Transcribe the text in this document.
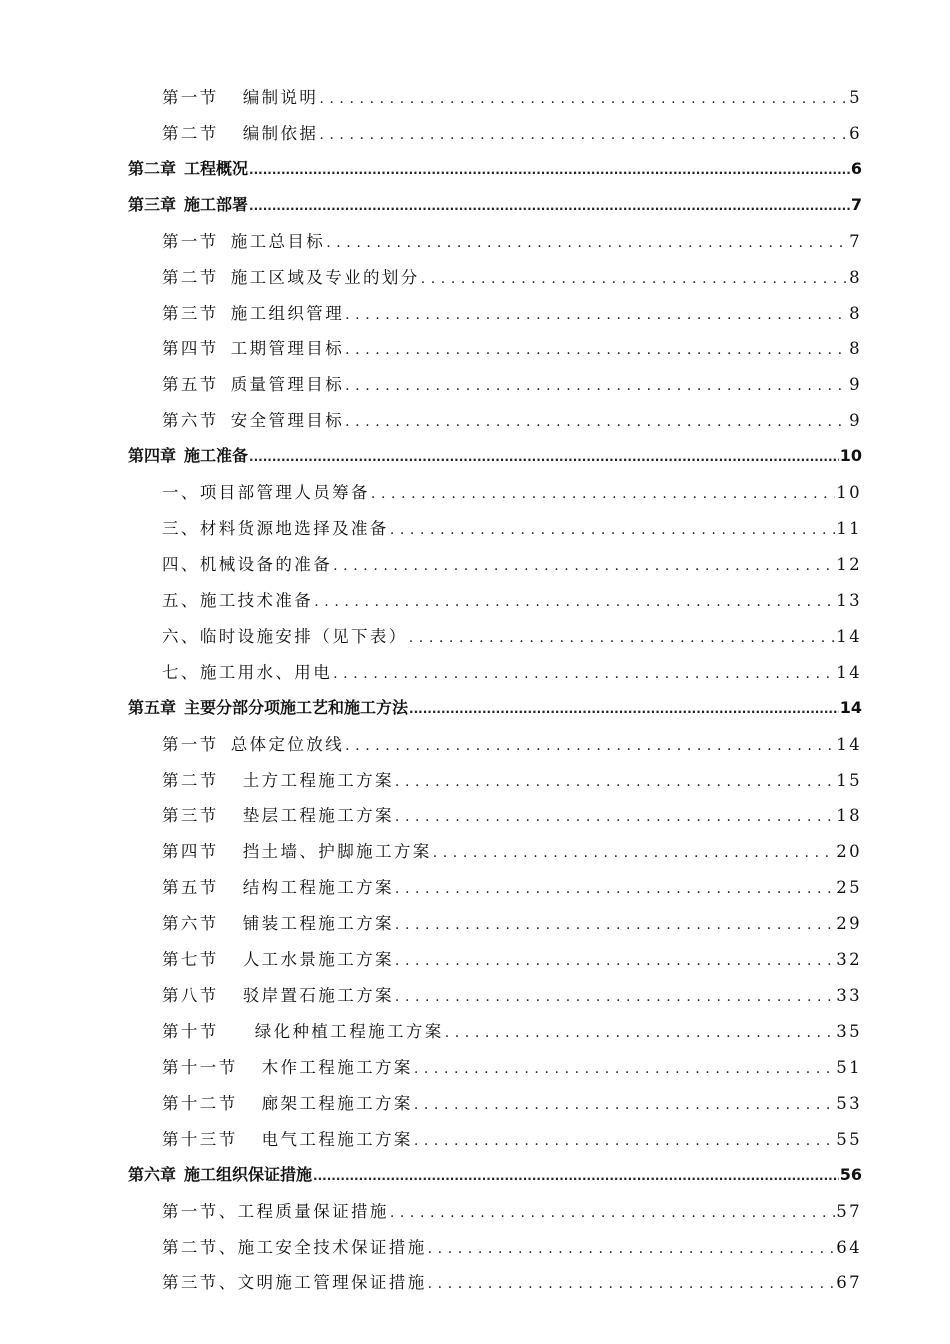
第一节 编制说明 .....	5
第二节 编制依据 .....	6
第二章 工程概况 .....	6
第三章 施工部署 .....	7
第一节 施工总目标 .....	7
第二节 施工区域及专业的划分 .....	8
第三节 施工组织管理 .....	8
第四节 工期管理目标 .....	8
第五节 质量管理目标 .....	9
第六节 安全管理目标 .....	9
第四章 施工准备 .....	10
一、项目部管理人员筹备 .....	10
三、材料货源地选择及准备 .....	11
四、机械设备的准备 .....	12
五、施工技术准备 .....	13
六、临时设施安排（见下表） .....	14
七、施工用水、用电 .....	14
第五章 主要分部分项施工艺和施工方法 .....	14
第一节 总体定位放线 .....	14
第二节 土方工程施工方案 .....	15
第三节 垫层工程施工方案 .....	18
第四节 挡土墙、护脚施工方案 .....	20
第五节 结构工程施工方案 .....	25
第六节 铺装工程施工方案 .....	29
第七节 人工水景施工方案 .....	32
第八节 驳岸置石施工方案 .....	33
第十节 绿化种植工程施工方案 .....	35
第十一节 木作工程施工方案 .....	51
第十二节 廊架工程施工方案 .....	53
第十三节 电气工程施工方案 .....	55
第六章 施工组织保证措施 .....	56
第一节、工程质量保证措施 .....	57
第二节、施工安全技术保证措施 .....	64
第三节、文明施工管理保证措施 .....	67
